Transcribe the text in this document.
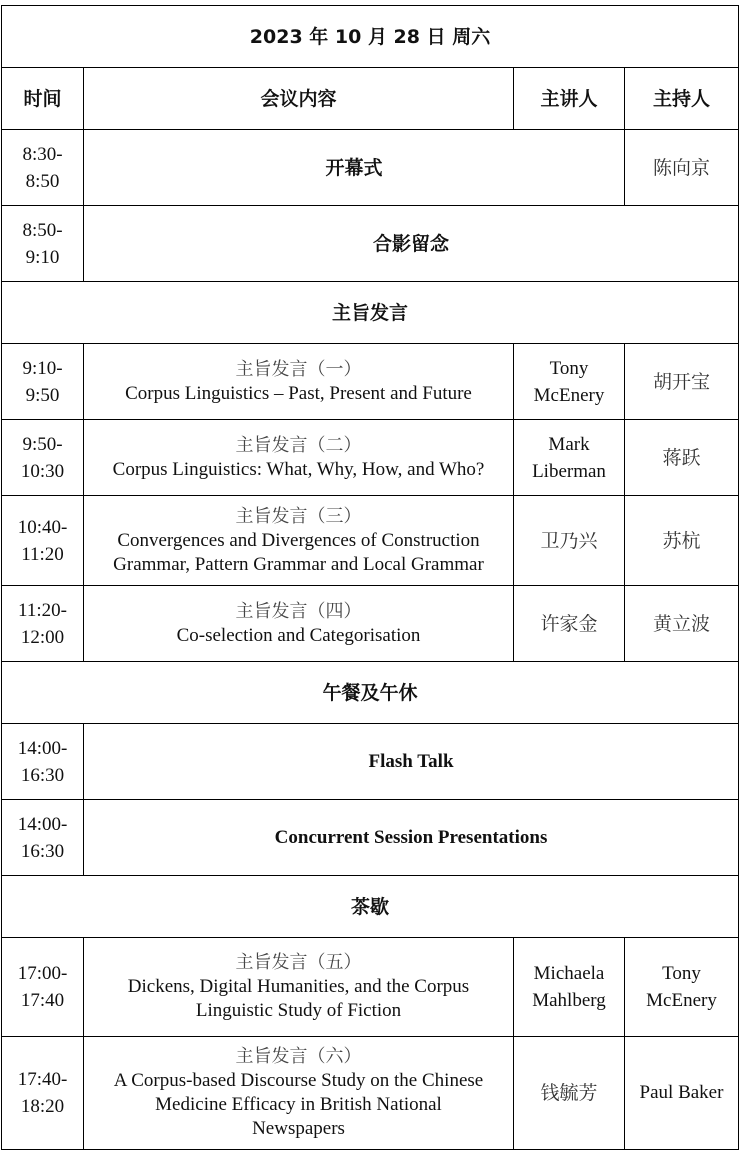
2023 年 10 月 28 日 周六			
时间	会议内容	主讲人	主持人

8:30-
8:50	开幕式		陈向京

8:50-
9:10	合影留念		
主旨发言			

9:10-
9:50	主旨发言（一）
Corpus Linguistics – Past, Present and Future	Tony
McEnery	胡开宝

9:50-
10:30	主旨发言（二）
Corpus Linguistics: What, Why, How, and Who?	Mark
Liberman	蒋跃

10:40-
11:20	主旨发言（三）
Convergences and Divergences of Construction
Grammar, Pattern Grammar and Local Grammar	卫乃兴	苏杭

11:20-
12:00	主旨发言（四）
Co-selection and Categorisation	许家金	黄立波
午餐及午休			

14:00-
16:30	Flash Talk		

14:00-
16:30	Concurrent Session Presentations		
茶歇			

17:00-
17:40	主旨发言（五）
Dickens, Digital Humanities, and the Corpus
Linguistic Study of Fiction	Michaela
Mahlberg	Tony
McEnery

17:40-
18:20	主旨发言（六）
A Corpus-based Discourse Study on the Chinese
Medicine Efficacy in British National
Newspapers	钱毓芳	Paul Baker
